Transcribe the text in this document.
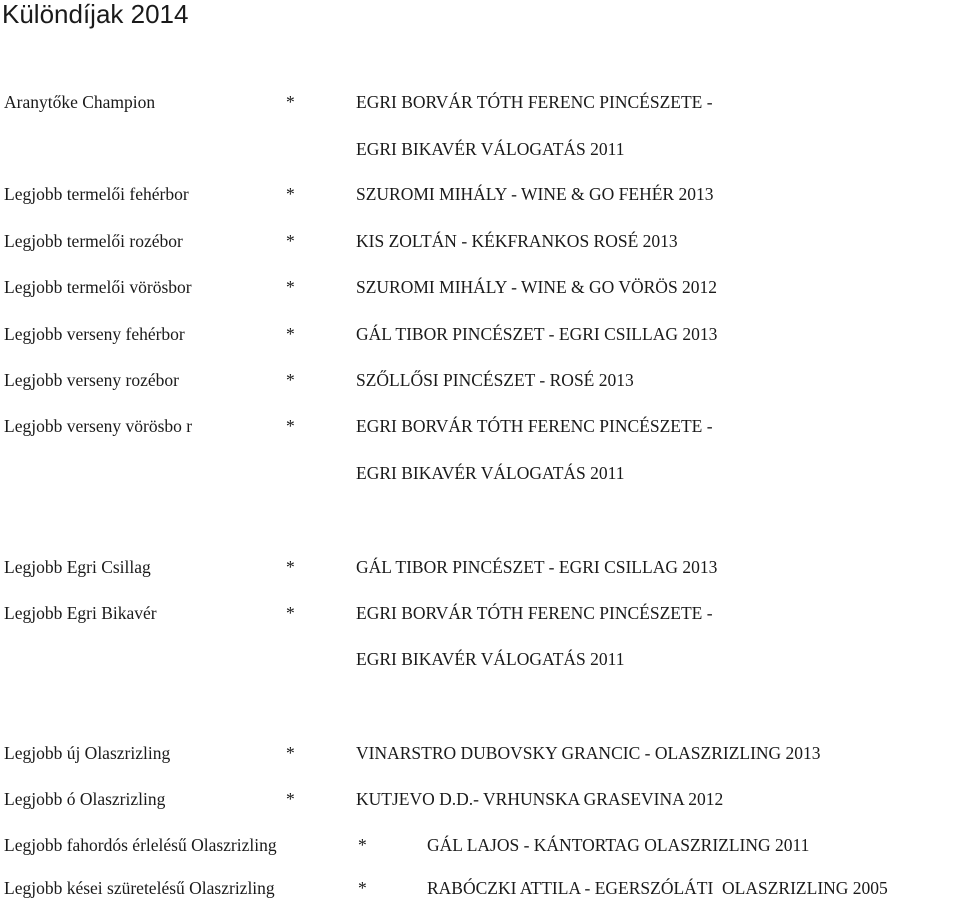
Különdíjak 2014
Aranytőke Champion	*	EGRI BORVÁR TÓTH FERENC PINCÉSZETE -
EGRI BIKAVÉR VÁLOGATÁS 2011
Legjobb termelői fehérbor	*	SZUROMI MIHÁLY - WINE & GO FEHÉR 2013
Legjobb termelői rozébor	*	KIS ZOLTÁN - KÉKFRANKOS ROSÉ 2013
Legjobb termelői vörösbor	*	SZUROMI MIHÁLY - WINE & GO VÖRÖS 2012
Legjobb verseny fehérbor	*	GÁL TIBOR PINCÉSZET - EGRI CSILLAG 2013
Legjobb verseny rozébor	*	SZŐLLŐSI PINCÉSZET - ROSÉ 2013
Legjobb verseny vörösbo r	*	EGRI BORVÁR TÓTH FERENC PINCÉSZETE -
EGRI BIKAVÉR VÁLOGATÁS 2011
Legjobb Egri Csillag	*	GÁL TIBOR PINCÉSZET - EGRI CSILLAG 2013
Legjobb Egri Bikavér	*	EGRI BORVÁR TÓTH FERENC PINCÉSZETE -
EGRI BIKAVÉR VÁLOGATÁS 2011
Legjobb új Olaszrizling	*	VINARSTRO DUBOVSKY GRANCIC - OLASZRIZLING 2013
Legjobb ó Olaszrizling	*	KUTJEVO D.D.- VRHUNSKA GRASEVINA 2012
Legjobb fahordós érlelésű Olaszrizling	*	GÁL LAJOS - KÁNTORTAG OLASZRIZLING 2011
Legjobb kései szüretelésű Olaszrizling	*	RABÓCZKI ATTILA - EGERSZÓLÁTI  OLASZRIZLING 2005
